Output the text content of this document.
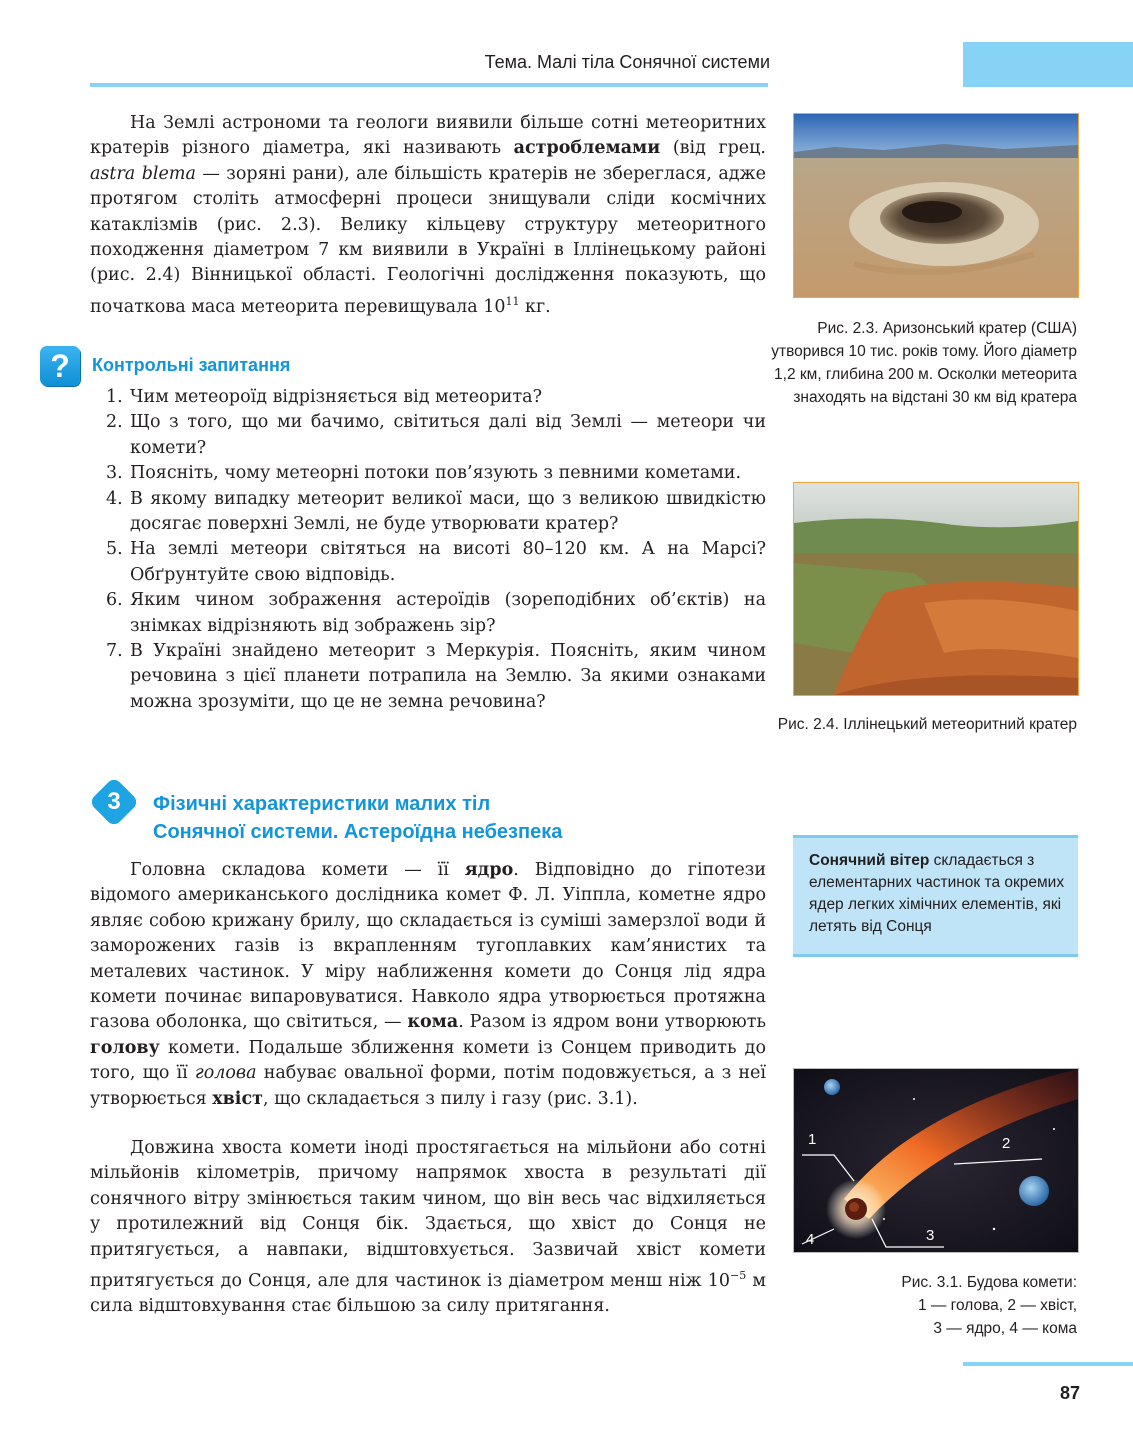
Тема. Малі тіла Сонячної системи

На Землі астрономи та геологи виявили більше сотні метеоритних кратерів різного діаметра, які називають астроблемами (від грец. astra blema — зоряні рани), але більшість кратерів не збереглася, адже протягом століть атмосферні процеси знищували сліди космічних катаклізмів (рис. 2.3). Велику кільцеву структуру метеоритного походження діаметром 7 км виявили в Україні в Іллінецькому районі (рис. 2.4) Вінницької області. Геологічні дослідження показують, що початкова маса метеорита перевищувала $10^{11}$ кг.

?	Контрольні запитання
1. Чим метеороїд відрізняється від метеорита?
2. Що з того, що ми бачимо, світиться далі від Землі — метеори чи комети?
3. Поясніть, чому метеорні потоки пов’язують з певними кометами.
4. В якому випадку метеорит великої маси, що з великою швидкістю досягає поверхні Землі, не буде утворювати кратер?
5. На землі метеори світяться на висоті 80–120 км. А на Марсі? Обґрунтуйте свою відповідь.
6. Яким чином зображення астероїдів (зореподібних об’єктів) на знімках відрізняють від зображень зір?
7. В Україні знайдено метеорит з Меркурія. Поясніть, яким чином речовина з цієї планети потрапила на Землю. За якими ознаками можна зрозуміти, що це не земна речовина?
3	Фізичні характеристики малих тіл
Сонячної системи. Астероїдна небезпека

Головна складова комети — її ядро. Відповідно до гіпотези відомого американського дослідника комет Ф. Л. Уіппла, кометне ядро являє собою крижану брилу, що складається із суміші замерзлої води й заморожених газів із вкрапленням тугоплавких кам’янистих та металевих частинок. У міру наближення комети до Сонця лід ядра комети починає випаровуватися. Навколо ядра утворюється протяжна газова оболонка, що світиться, — кома. Разом із ядром вони утворюють голову комети. Подальше зближення комети із Сонцем приводить до того, що її голова набуває овальної форми, потім подовжується, а з неї утворюється хвіст, що складається з пилу і газу (рис. 3.1).

Довжина хвоста комети іноді простягається на мільйони або сотні мільйонів кілометрів, причому напрямок хвоста в результаті дії сонячного вітру змінюється таким чином, що він весь час відхиляється у протилежний від Сонця бік. Здається, що хвіст до Сонця не притягується, а навпаки, відштовхується. Зазвичай хвіст комети притягується до Сонця, але для частинок із діаметром менш ніж $10^{-5}$ м сила відштовхування стає більшою за силу притягання.

Рис. 2.3. Аризонський кратер (США) утворився 10 тис. років тому. Його діаметр 1,2 км, глибина 200 м. Осколки метеорита знаходять на відстані 30 км від кратера
Рис. 2.4. Іллінецький метеоритний кратер
Сонячний вітер складається з елементарних частинок та окремих ядер легких хімічних елементів, які летять від Сонця
1	2
3
4
Рис. 3.1. Будова комети:
1 — голова, 2 — хвіст,
3 — ядро, 4 — кома
87
